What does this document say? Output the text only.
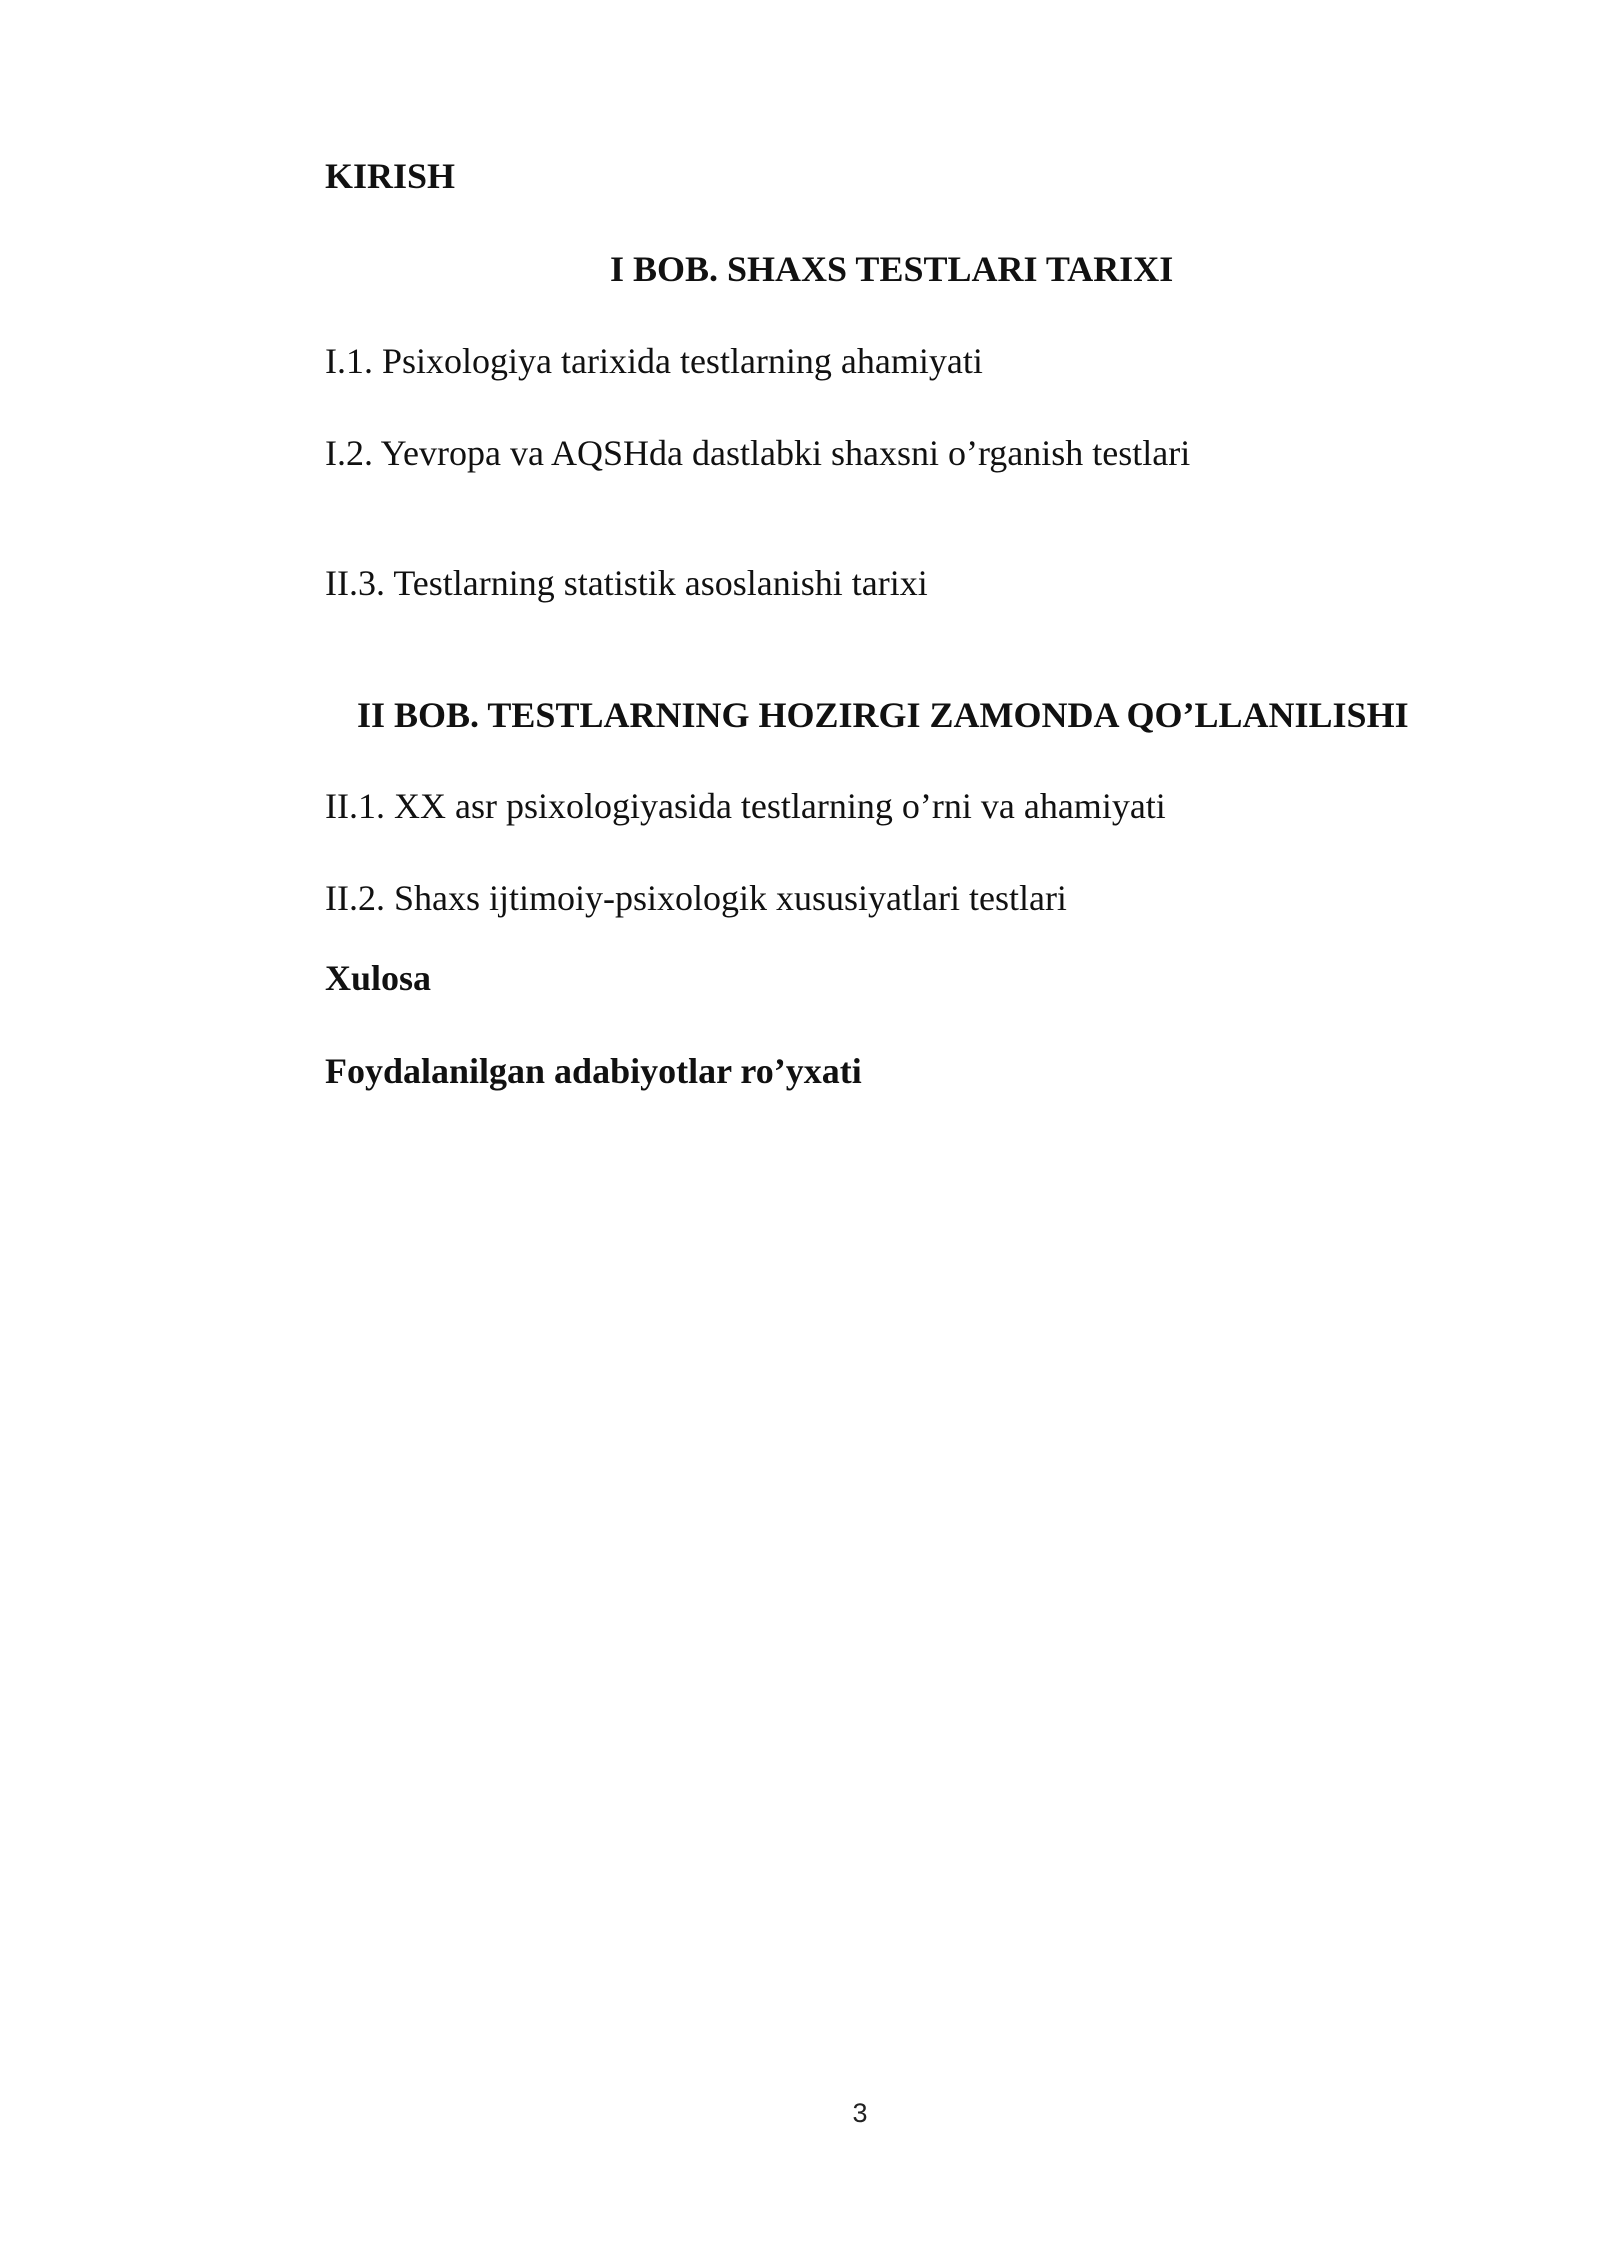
KIRISH

I BOB. SHAXS TESTLARI TARIXI

I.1. Psixologiya tarixida testlarning ahamiyati

I.2. Yevropa va AQSHda dastlabki shaxsni o’rganish testlari

II.3. Testlarning statistik asoslanishi tarixi

II BOB. TESTLARNING HOZIRGI ZAMONDA QO’LLANILISHI

II.1. XX asr psixologiyasida testlarning o’rni va ahamiyati

II.2. Shaxs ijtimoiy-psixologik xususiyatlari testlari

Xulosa

Foydalanilgan adabiyotlar ro’yxati

3
